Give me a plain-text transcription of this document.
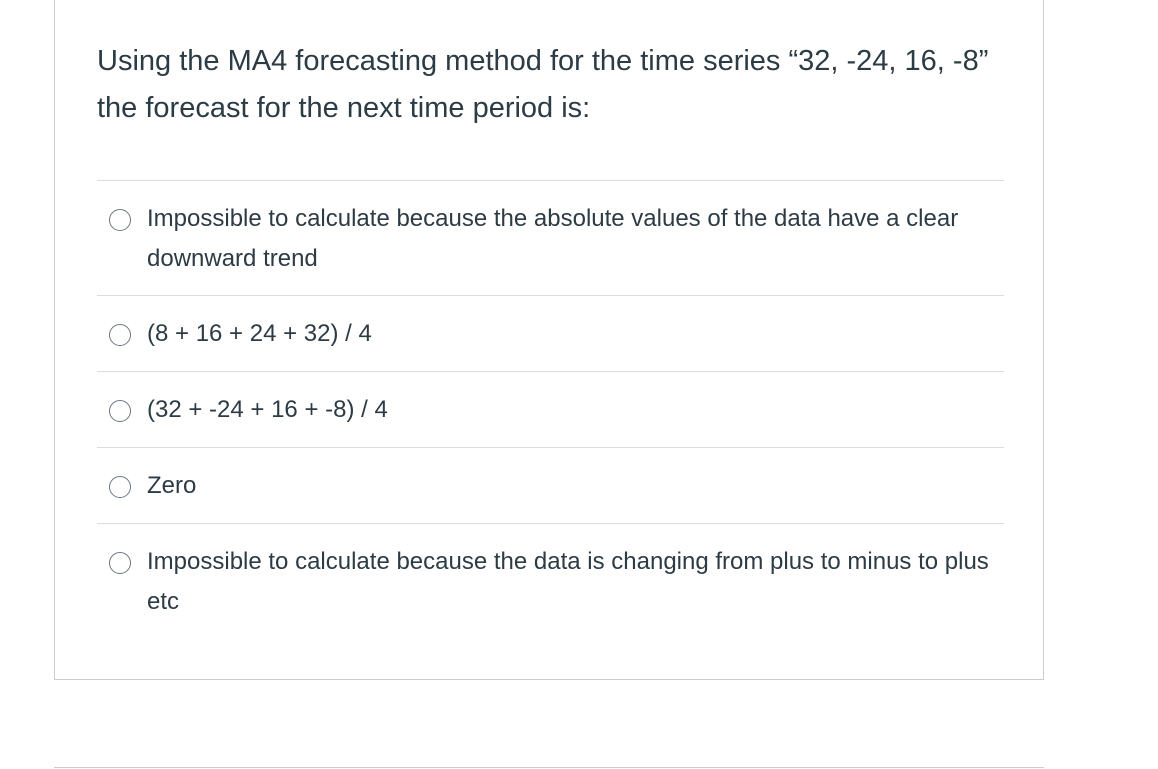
Using the MA4 forecasting method for the time series “32, -24, 16, -8” the forecast for the next time period is:

Impossible to calculate because the absolute values of the data have a clear downward trend
(8 + 16 + 24 + 32) / 4
(32 + -24 + 16 + -8) / 4
Zero
Impossible to calculate because the data is changing from plus to minus to plus etc
